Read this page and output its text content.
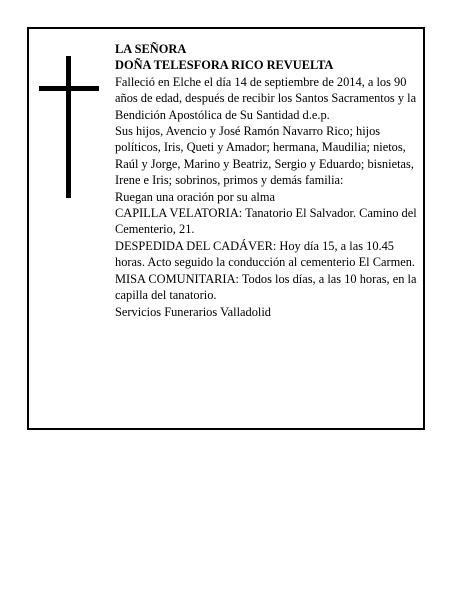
LA SEÑORA

DOÑA TELESFORA RICO REVUELTA

Falleció en Elche el día 14 de septiembre de 2014, a los 90 años de edad, después de recibir los Santos Sacramentos y la Bendición Apostólica de Su Santidad d.e.p.

Sus hijos, Avencio y José Ramón Navarro Rico; hijos políticos, Iris, Queti y Amador; hermana, Maudilia; nietos, Raúl y Jorge, Marino y Beatriz, Sergio y Eduardo; bisnietas, Irene e Iris; sobrinos, primos y demás familia:

Ruegan una oración por su alma

CAPILLA VELATORIA: Tanatorio El Salvador. Camino del Cementerio, 21.

DESPEDIDA DEL CADÁVER: Hoy día 15, a las 10.45 horas. Acto seguido la conducción al cementerio El Carmen.

MISA COMUNITARIA: Todos los días, a las 10 horas, en la capilla del tanatorio.

Servicios Funerarios Valladolid
